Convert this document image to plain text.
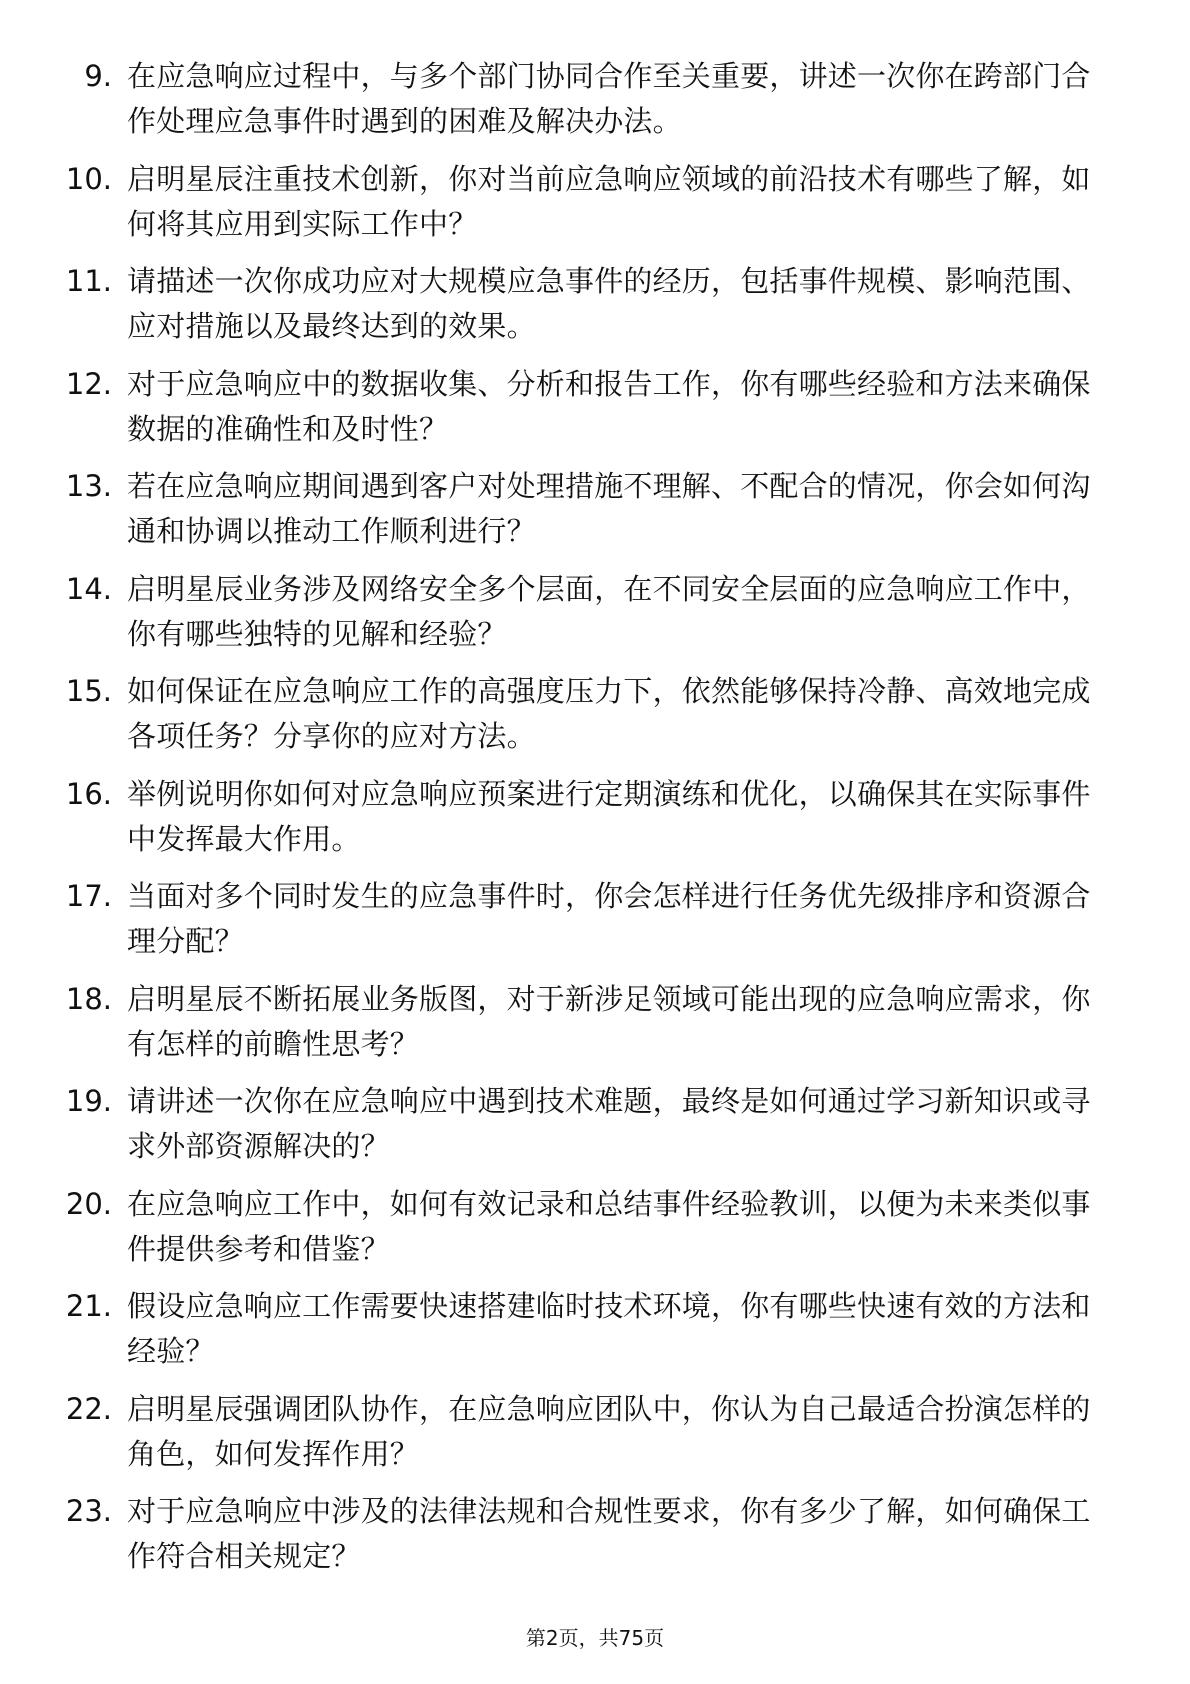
9. 在应急响应过程中，与多个部门协同合作至关重要，讲述一次你在跨部门合作处理应急事件时遇到的困难及解决办法。
10. 启明星辰注重技术创新，你对当前应急响应领域的前沿技术有哪些了解，如何将其应用到实际工作中？
11. 请描述一次你成功应对大规模应急事件的经历，包括事件规模、影响范围、应对措施以及最终达到的效果。
12. 对于应急响应中的数据收集、分析和报告工作，你有哪些经验和方法来确保数据的准确性和及时性？
13. 若在应急响应期间遇到客户对处理措施不理解、不配合的情况，你会如何沟通和协调以推动工作顺利进行？
14. 启明星辰业务涉及网络安全多个层面，在不同安全层面的应急响应工作中，你有哪些独特的见解和经验？
15. 如何保证在应急响应工作的高强度压力下，依然能够保持冷静、高效地完成各项任务？分享你的应对方法。
16. 举例说明你如何对应急响应预案进行定期演练和优化，以确保其在实际事件中发挥最大作用。
17. 当面对多个同时发生的应急事件时，你会怎样进行任务优先级排序和资源合理分配？
18. 启明星辰不断拓展业务版图，对于新涉足领域可能出现的应急响应需求，你有怎样的前瞻性思考？
19. 请讲述一次你在应急响应中遇到技术难题，最终是如何通过学习新知识或寻求外部资源解决的？
20. 在应急响应工作中，如何有效记录和总结事件经验教训，以便为未来类似事件提供参考和借鉴？
21. 假设应急响应工作需要快速搭建临时技术环境，你有哪些快速有效的方法和经验？
22. 启明星辰强调团队协作，在应急响应团队中，你认为自己最适合扮演怎样的角色，如何发挥作用？
23. 对于应急响应中涉及的法律法规和合规性要求，你有多少了解，如何确保工作符合相关规定？
第2页，共75页
